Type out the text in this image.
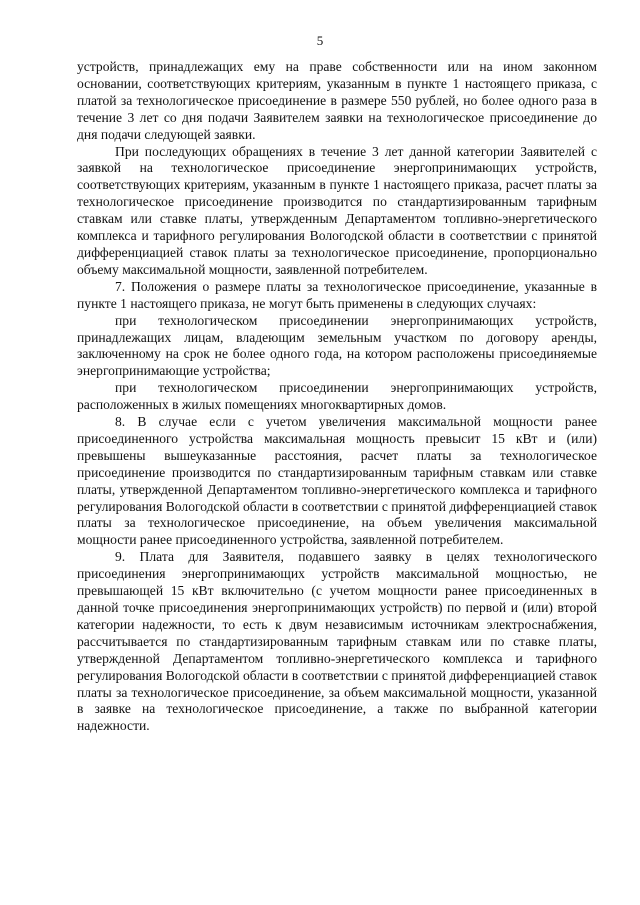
5

устройств, принадлежащих ему на праве собственности или на ином законном основании, соответствующих критериям, указанным в пункте 1 настоящего приказа, с платой за технологическое присоединение в размере 550 рублей, но более одного раза в течение 3 лет со дня подачи Заявителем заявки на технологическое присоединение до дня подачи следующей заявки.

При последующих обращениях в течение 3 лет данной категории Заявителей с заявкой на технологическое присоединение энергопринимающих устройств, соответствующих критериям, указанным в пункте 1 настоящего приказа, расчет платы за технологическое присоединение производится по стандартизированным тарифным ставкам или ставке платы, утвержденным Департаментом топливно-энергетического комплекса и тарифного регулирования Вологодской области в соответствии с принятой дифференциацией ставок платы за технологическое присоединение, пропорционально объему максимальной мощности, заявленной потребителем.

7. Положения о размере платы за технологическое присоединение, указанные в пункте 1 настоящего приказа, не могут быть применены в следующих случаях:

при технологическом присоединении энергопринимающих устройств, принадлежащих лицам, владеющим земельным участком по договору аренды, заключенному на срок не более одного года, на котором расположены присоединяемые энергопринимающие устройства;

при технологическом присоединении энергопринимающих устройств, расположенных в жилых помещениях многоквартирных домов.

8. В случае если с учетом увеличения максимальной мощности ранее присоединенного устройства максимальная мощность превысит 15 кВт и (или) превышены вышеуказанные расстояния, расчет платы за технологическое присоединение производится по стандартизированным тарифным ставкам или ставке платы, утвержденной Департаментом топливно-энергетического комплекса и тарифного регулирования Вологодской области в соответствии с принятой дифференциацией ставок платы за технологическое присоединение, на объем увеличения максимальной мощности ранее присоединенного устройства, заявленной потребителем.

9. Плата для Заявителя, подавшего заявку в целях технологического присоединения энергопринимающих устройств максимальной мощностью, не превышающей 15 кВт включительно (с учетом мощности ранее присоединенных в данной точке присоединения энергопринимающих устройств) по первой и (или) второй категории надежности, то есть к двум независимым источникам электроснабжения, рассчитывается по стандартизированным тарифным ставкам или по ставке платы, утвержденной Департаментом топливно-энергетического комплекса и тарифного регулирования Вологодской области в соответствии с принятой дифференциацией ставок платы за технологическое присоединение, за объем максимальной мощности, указанной в заявке на технологическое присоединение, а также по выбранной категории надежности.
